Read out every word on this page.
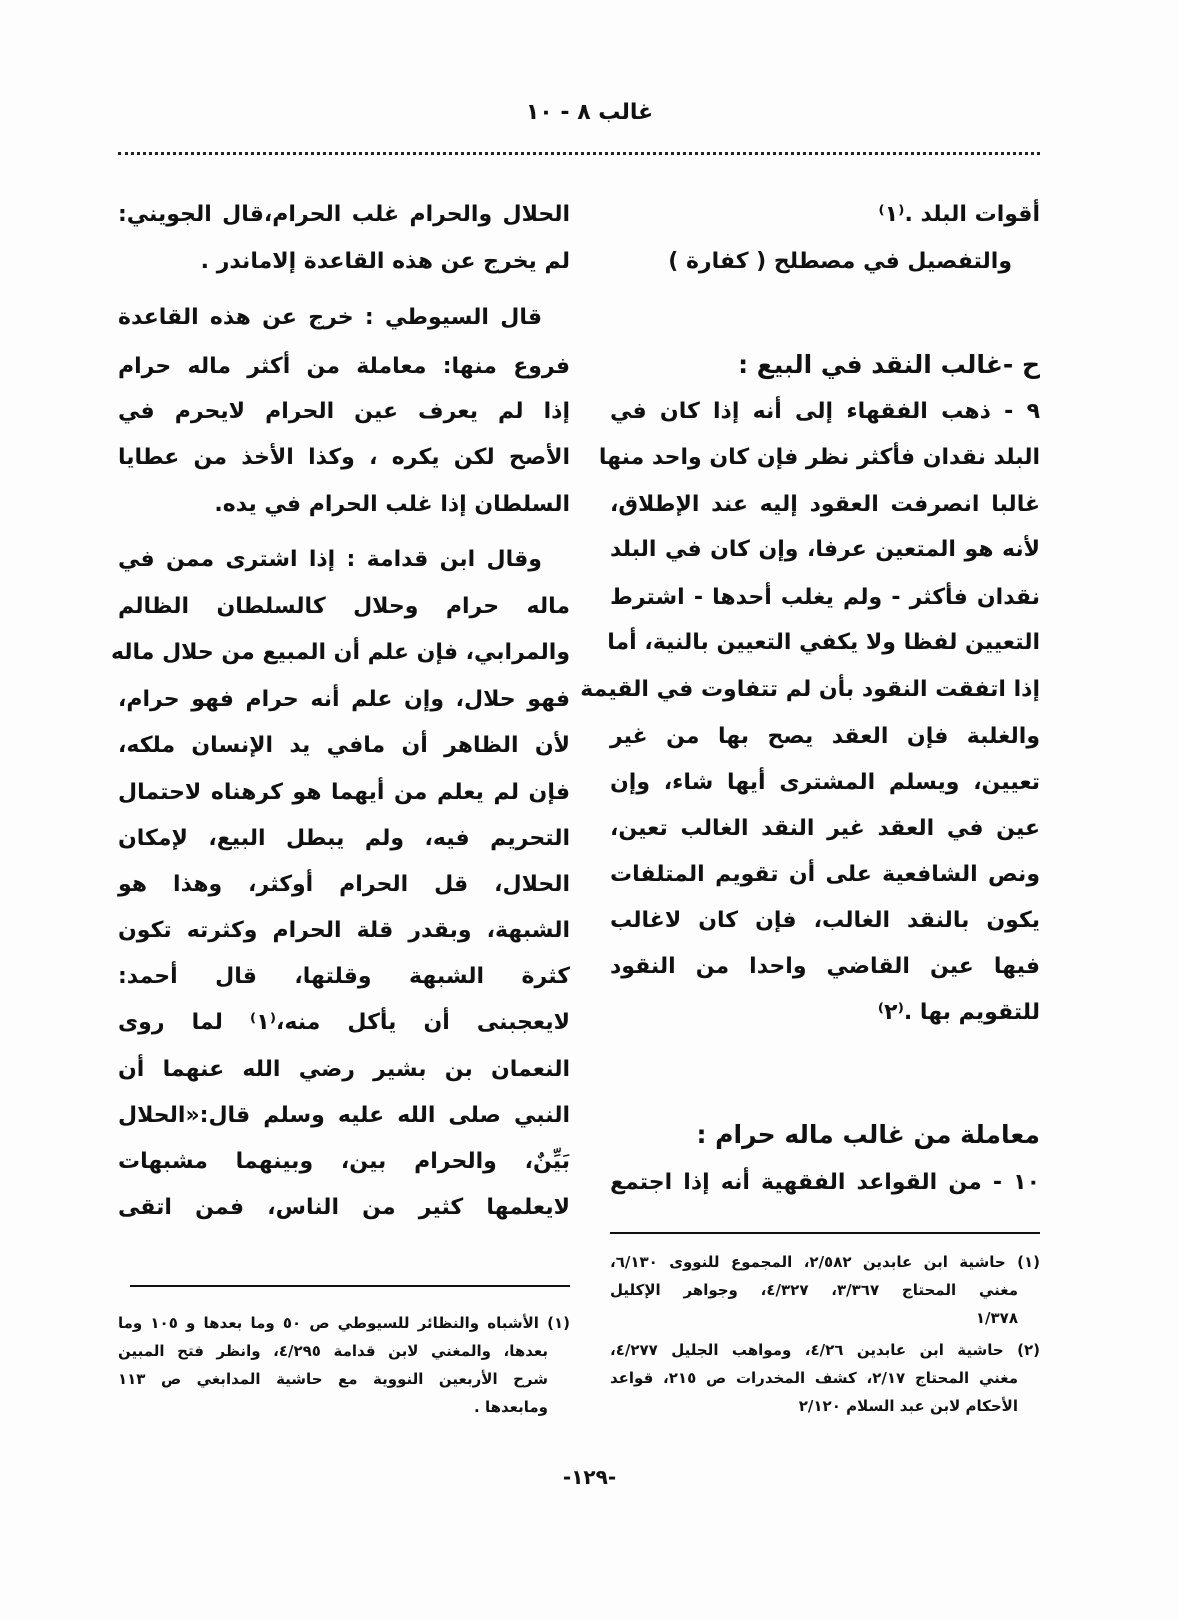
غالب ٨ - ١٠
أقوات البلد .⁽١⁾
والتفصيل في مصطلح ( كفارة )
ح -غالب النقد في البيع :
٩ - ذهب الفقهاء إلى أنه إذا كان في
البلد نقدان فأكثر نظر فإن كان واحد منها
غالبا انصرفت العقود إليه عند الإطلاق،
لأنه هو المتعين عرفا، وإن كان في البلد
نقدان فأكثر - ولم يغلب أحدها - اشترط
التعيين لفظا ولا يكفي التعيين بالنية، أما
إذا اتفقت النقود بأن لم تتفاوت في القيمة
والغلبة فإن العقد يصح بها من غير
تعيين، ويسلم المشترى أيها شاء، وإن
عين في العقد غير النقد الغالب تعين،
ونص الشافعية على أن تقويم المتلفات
يكون بالنقد الغالب، فإن كان لاغالب
فيها عين القاضي واحدا من النقود
للتقويم بها .⁽٢⁾
معاملة من غالب ماله حرام :
١٠ - من القواعد الفقهية أنه إذا اجتمع
(١) حاشية ابن عابدين ٢/٥٨٢، المجموع للنووى ٦/١٣٠،
مغني المحتاج ٣/٣٦٧، ٤/٣٢٧، وجواهر الإكليل
١/٣٧٨
(٢) حاشية ابن عابدين ٤/٢٦، ومواهب الجليل ٤/٢٧٧،
مغني المحتاج ٢/١٧، كشف المخدرات ص ٢١٥، قواعد
الأحكام لابن عبد السلام ٢/١٢٠
الحلال والحرام غلب الحرام،قال الجويني:
لم يخرج عن هذه القاعدة إلاماندر .
قال السيوطي : خرج عن هذه القاعدة
فروع منها: معاملة من أكثر ماله حرام
إذا لم يعرف عين الحرام لايحرم في
الأصح لكن يكره ، وكذا الأخذ من عطايا
السلطان إذا غلب الحرام في يده.
وقال ابن قدامة : إذا اشترى ممن في
ماله حرام وحلال كالسلطان الظالم
والمرابي، فإن علم أن المبيع من حلال ماله
فهو حلال، وإن علم أنه حرام فهو حرام،
لأن الظاهر أن مافي يد الإنسان ملكه،
فإن لم يعلم من أيهما هو كرهناه لاحتمال
التحريم فيه، ولم يبطل البيع، لإمكان
الحلال، قل الحرام أوكثر، وهذا هو
الشبهة، وبقدر قلة الحرام وكثرته تكون
كثرة الشبهة وقلتها، قال أحمد:
لايعجبنى أن يأكل منه،⁽١⁾ لما روى
النعمان بن بشير رضي الله عنهما أن
النبي صلى الله عليه وسلم قال:«الحلال
بَيِّنٌ، والحرام بين، وبينهما مشبهات
لايعلمها كثير من الناس، فمن اتقى
(١) الأشباه والنظائر للسيوطي ص ٥٠ وما بعدها و ١٠٥ وما
بعدها، والمغني لابن قدامة ٤/٢٩٥، وانظر فتح المبين
شرح الأربعين النووية مع حاشية المدابغي ص ١١٣
ومابعدها .
-١٢٩-
